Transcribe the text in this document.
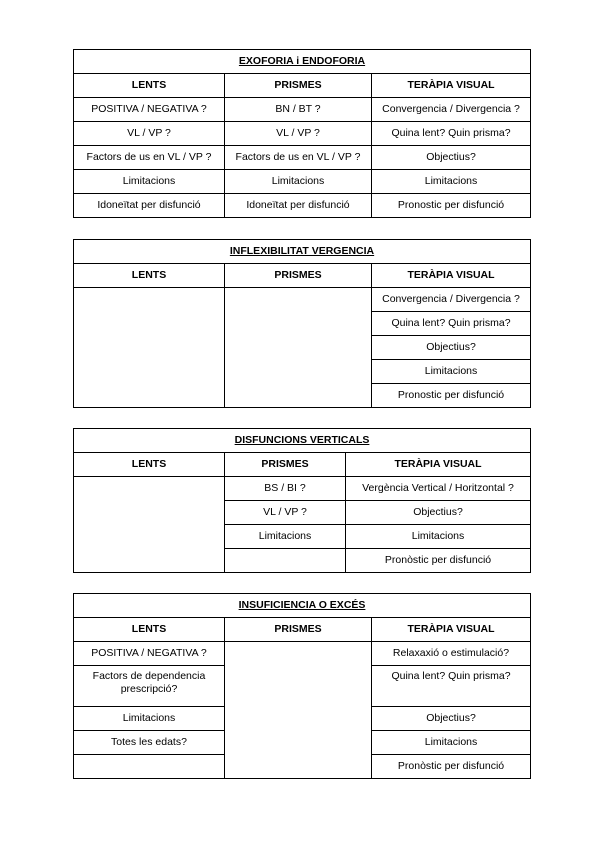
EXOFORIA i ENDOFORIA		
LENTS	PRISMES	TERÀPIA VISUAL
POSITIVA / NEGATIVA ?	BN / BT ?	Convergencia / Divergencia ?
VL / VP ?	VL / VP ?	Quina lent? Quin prisma?
Factors de us en VL / VP ?	Factors de us en VL / VP ?	Objectius?
Limitacions	Limitacions	Limitacions
Idoneïtat per disfunció	Idoneïtat per disfunció	Pronostic per disfunció
INFLEXIBILITAT VERGENCIA		
LENTS	PRISMES	TERÀPIA VISUAL
		Convergencia / Divergencia ?
		Quina lent? Quin prisma?
		Objectius?
		Limitacions
		Pronostic per disfunció
DISFUNCIONS VERTICALS		
LENTS	PRISMES	TERÀPIA VISUAL
	BS / BI ?	Vergència Vertical / Horitzontal ?
	VL / VP ?	Objectius?
	Limitacions	Limitacions
		Pronòstic per disfunció
INSUFICIENCIA O EXCÉS		
LENTS	PRISMES	TERÀPIA VISUAL
POSITIVA / NEGATIVA ?		Relaxaxió o estimulació?
Factors de dependencia prescripció?		Quina lent? Quin prisma?
Limitacions		Objectius?
Totes les edats?		Limitacions
		Pronòstic per disfunció
